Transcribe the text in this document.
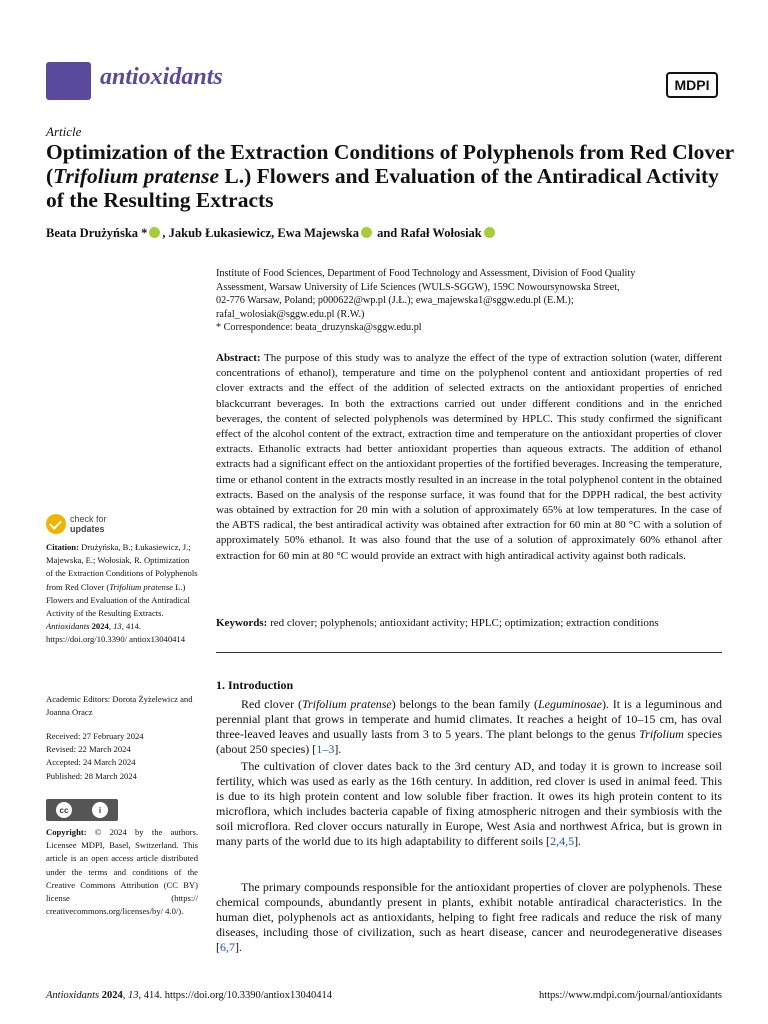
antioxidants	MDPI
Article
Optimization of the Extraction Conditions of Polyphenols from Red Clover (Trifolium pratense L.) Flowers and Evaluation of the Antiradical Activity of the Resulting Extracts
Beata Drużyńska * , Jakub Łukasiewicz, Ewa Majewska and Rafał Wołosiak
Institute of Food Sciences, Department of Food Technology and Assessment, Division of Food Quality
Assessment, Warsaw University of Life Sciences (WULS-SGGW), 159C Nowoursynowska Street,
02-776 Warsaw, Poland; p000622@wp.pl (J.Ł.); ewa_majewska1@sggw.edu.pl (E.M.);
rafal_wolosiak@sggw.edu.pl (R.W.)
* Correspondence: beata_druzynska@sggw.edu.pl
Abstract: The purpose of this study was to analyze the effect of the type of extraction solution (water, different concentrations of ethanol), temperature and time on the polyphenol content and antioxidant properties of red clover extracts and the effect of the addition of selected extracts on the antioxidant properties of enriched blackcurrant beverages. In both the extractions carried out under different conditions and in the enriched beverages, the content of selected polyphenols was determined by HPLC. This study confirmed the significant effect of the alcohol content of the extract, extraction time and temperature on the antioxidant properties of clover extracts. Ethanolic extracts had better antioxidant properties than aqueous extracts. The addition of ethanol extracts had a significant effect on the antioxidant properties of the fortified beverages. Increasing the temperature, time or ethanol content in the extracts mostly resulted in an increase in the total polyphenol content in the obtained extracts. Based on the analysis of the response surface, it was found that for the DPPH radical, the best activity was obtained by extraction for 20 min with a solution of approximately 65% at low temperatures. In the case of the ABTS radical, the best antiradical activity was obtained after extraction for 60 min at 80 °C with a solution of approximately 50% ethanol. It was also found that the use of a solution of approximately 60% ethanol after extraction for 60 min at 80 °C would provide an extract with high antiradical activity against both radicals.
Keywords: red clover; polyphenols; antioxidant activity; HPLC; optimization; extraction conditions
1. Introduction
Red clover (Trifolium pratense) belongs to the bean family (Leguminosae). It is a leguminous and perennial plant that grows in temperate and humid climates. It reaches a height of 10–15 cm, has oval three-leaved leaves and usually lasts from 3 to 5 years. The plant belongs to the genus Trifolium species (about 250 species) [1–3].
The cultivation of clover dates back to the 3rd century AD, and today it is grown to increase soil fertility, which was used as early as the 16th century. In addition, red clover is used in animal feed. This is due to its high protein content and low soluble fiber fraction. It owes its high protein content to its microflora, which includes bacteria capable of fixing atmospheric nitrogen and their symbiosis with the soil microflora. Red clover occurs naturally in Europe, West Asia and northwest Africa, but is grown in many parts of the world due to its high adaptability to different soils [2,4,5].
The primary compounds responsible for the antioxidant properties of clover are polyphenols. These chemical compounds, abundantly present in plants, exhibit notable antiradical characteristics. In the human diet, polyphenols act as antioxidants, helping to fight free radicals and reduce the risk of many diseases, including those of civilization, such as heart disease, cancer and neurodegenerative diseases [6,7].
check for
updates
Citation: Drużyńska, B.; Łukasiewicz, J.; Majewska, E.; Wołosiak, R. Optimization of the Extraction Conditions of Polyphenols from Red Clover (Trifolium pratense L.) Flowers and Evaluation of the Antiradical Activity of the Resulting Extracts. Antioxidants 2024, 13, 414. https://doi.org/10.3390/ antiox13040414
Academic Editors: Dorota Żyżelewicz and Joanna Oracz
Received: 27 February 2024
Revised: 22 March 2024
Accepted: 24 March 2024
Published: 28 March 2024
cc	i
Copyright: © 2024 by the authors. Licensee MDPI, Basel, Switzerland. This article is an open access article distributed under the terms and conditions of the Creative Commons Attribution (CC BY) license (https:// creativecommons.org/licenses/by/ 4.0/).
Antioxidants 2024, 13, 414. https://doi.org/10.3390/antiox13040414	https://www.mdpi.com/journal/antioxidants
